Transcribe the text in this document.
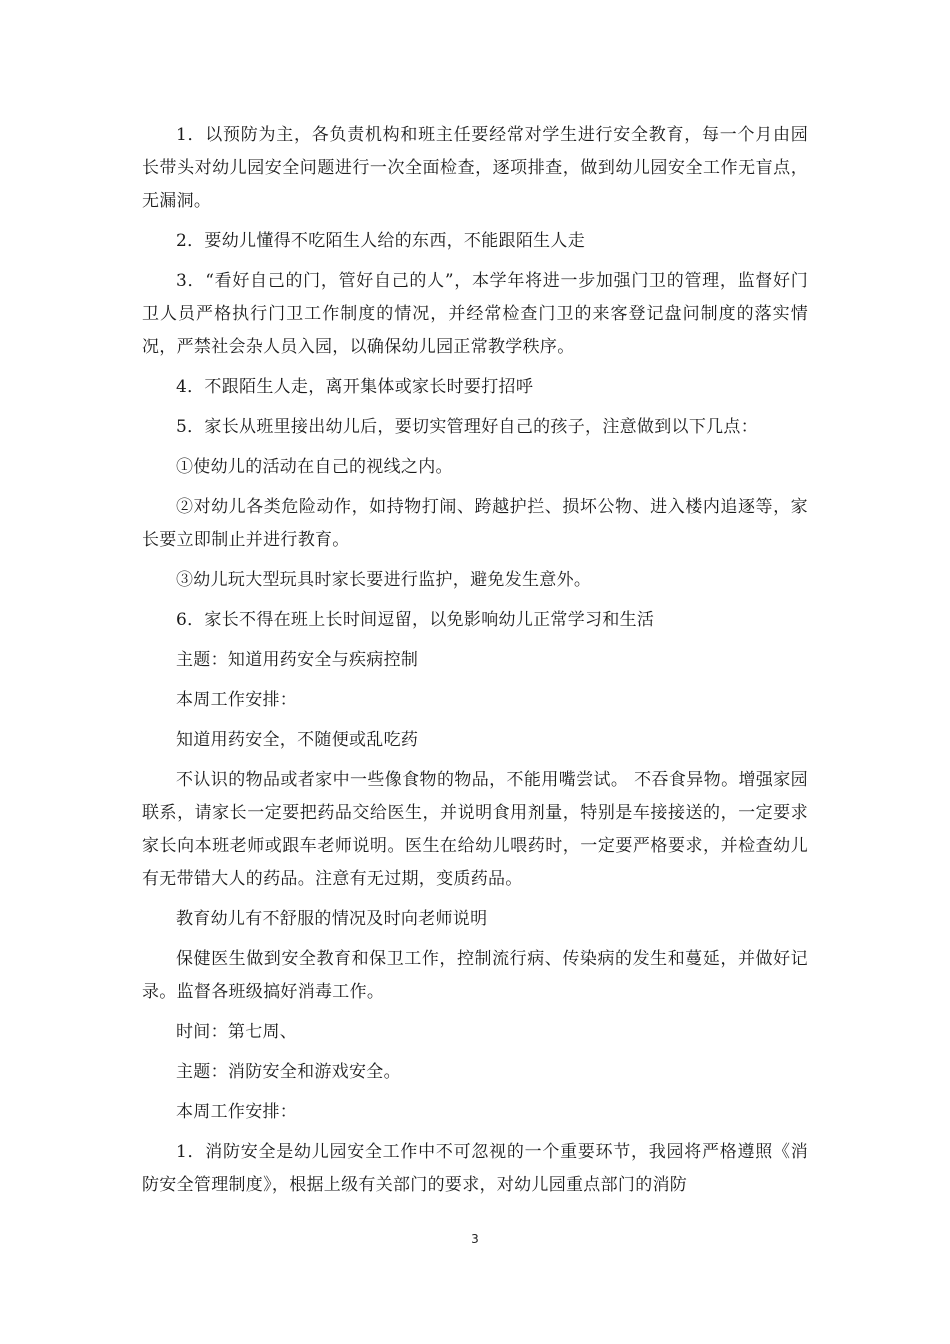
1．以预防为主，各负责机构和班主任要经常对学生进行安全教育，每一个月由园长带头对幼儿园安全问题进行一次全面检查，逐项排查，做到幼儿园安全工作无盲点，无漏洞。

2．要幼儿懂得不吃陌生人给的东西，不能跟陌生人走

3．“看好自己的门，管好自己的人”，本学年将进一步加强门卫的管理，监督好门卫人员严格执行门卫工作制度的情况，并经常检查门卫的来客登记盘问制度的落实情况，严禁社会杂人员入园，以确保幼儿园正常教学秩序。

4．不跟陌生人走，离开集体或家长时要打招呼

5．家长从班里接出幼儿后，要切实管理好自己的孩子，注意做到以下几点：

①使幼儿的活动在自己的视线之内。

②对幼儿各类危险动作，如持物打闹、跨越护拦、损坏公物、进入楼内追逐等，家长要立即制止并进行教育。

③幼儿玩大型玩具时家长要进行监护，避免发生意外。

6．家长不得在班上长时间逗留，以免影响幼儿正常学习和生活

主题：知道用药安全与疾病控制

本周工作安排：

知道用药安全，不随便或乱吃药

不认识的物品或者家中一些像食物的物品，不能用嘴尝试。 不吞食异物。增强家园联系，请家长一定要把药品交给医生，并说明食用剂量，特别是车接接送的，一定要求家长向本班老师或跟车老师说明。医生在给幼儿喂药时，一定要严格要求，并检查幼儿有无带错大人的药品。注意有无过期，变质药品。

教育幼儿有不舒服的情况及时向老师说明

保健医生做到安全教育和保卫工作，控制流行病、传染病的发生和蔓延，并做好记录。监督各班级搞好消毒工作。

时间：第七周、

主题：消防安全和游戏安全。

本周工作安排：

1．消防安全是幼儿园安全工作中不可忽视的一个重要环节，我园将严格遵照《消防安全管理制度》，根据上级有关部门的要求，对幼儿园重点部门的消防

3
